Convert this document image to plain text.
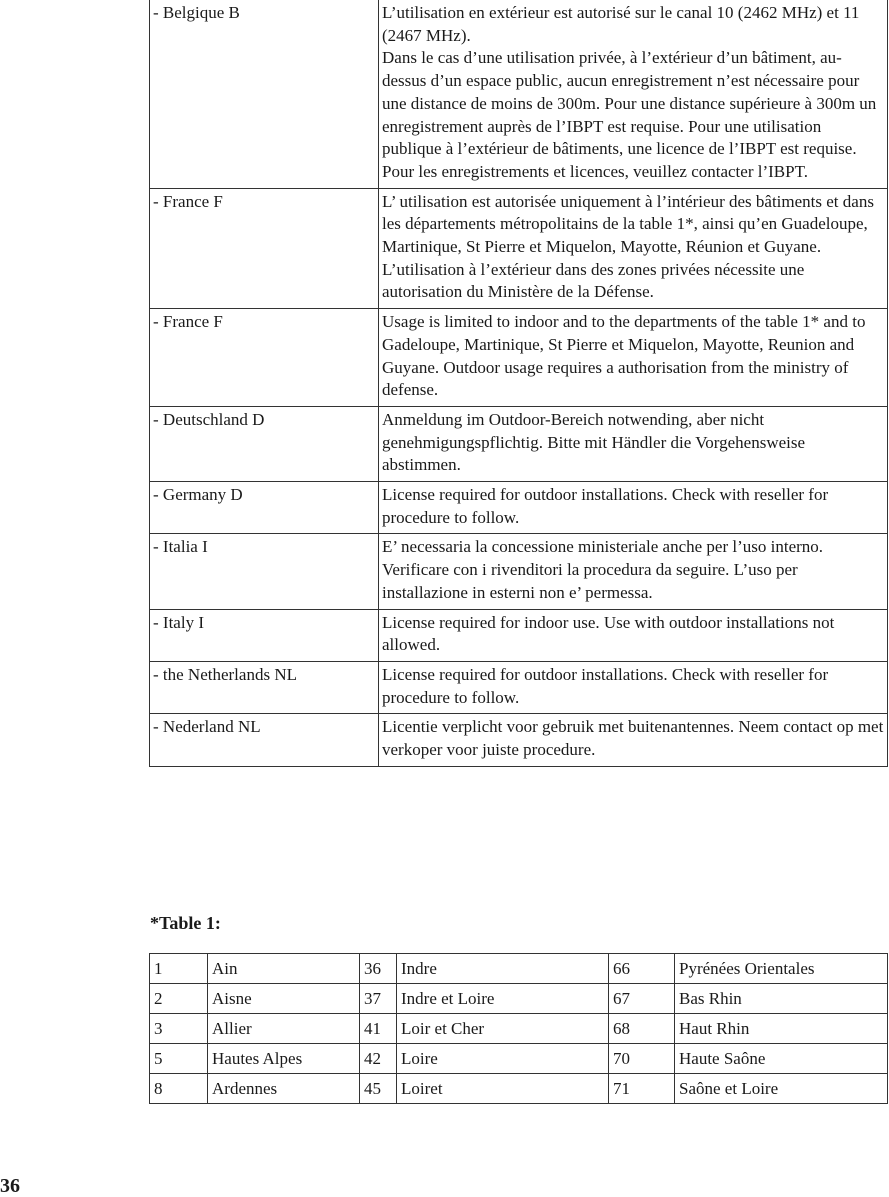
- Belgique B	L’utilisation en extérieur est autorisé sur le canal 10 (2462 MHz) et 11 (2467 MHz).
Dans le cas d’une utilisation privée, à l’extérieur d’un bâtiment, au-dessus d’un espace public, aucun enregistrement n’est nécessaire pour une distance de moins de 300m. Pour une distance supérieure à 300m un enregistrement auprès de l’IBPT est requise. Pour une utilisation publique à l’extérieur de bâtiments, une licence de l’IBPT est requise. Pour les enregistrements et licences, veuillez contacter l’IBPT.

- France F	L’ utilisation est autorisée uniquement à l’intérieur des bâtiments et dans les départements métropolitains de la table 1*, ainsi qu’en Guadeloupe, Martinique, St Pierre et Miquelon, Mayotte, Réunion et Guyane.
L’utilisation à l’extérieur dans des zones privées nécessite une autorisation du Ministère de la Défense.

- France F	Usage is limited to indoor and to the departments of the table 1* and to Gadeloupe, Martinique, St Pierre et Miquelon, Mayotte, Reunion and Guyane. Outdoor usage requires a authorisation from the ministry of defense.

- Deutschland D	Anmeldung im Outdoor-Bereich notwending, aber nicht genehmigungspflichtig. Bitte mit Händler die Vorgehensweise abstimmen.

- Germany D	License required for outdoor installations. Check with reseller for procedure to follow.

- Italia I	E’ necessaria la concessione ministeriale anche per l’uso interno. Verificare con i rivenditori la procedura da seguire. L’uso per installazione in esterni non e’ permessa.

- Italy I	License required for indoor use. Use with outdoor installations not allowed.

- the Netherlands NL	License required for outdoor installations. Check with reseller for procedure to follow.

- Nederland NL	Licentie verplicht voor gebruik met buitenantennes. Neem contact op met verkoper voor juiste procedure.
*Table 1:
1	Ain	36	Indre	66	Pyrénées Orientales
2	Aisne	37	Indre et Loire	67	Bas Rhin
3	Allier	41	Loir et Cher	68	Haut Rhin
5	Hautes Alpes	42	Loire	70	Haute Saône
8	Ardennes	45	Loiret	71	Saône et Loire
36
